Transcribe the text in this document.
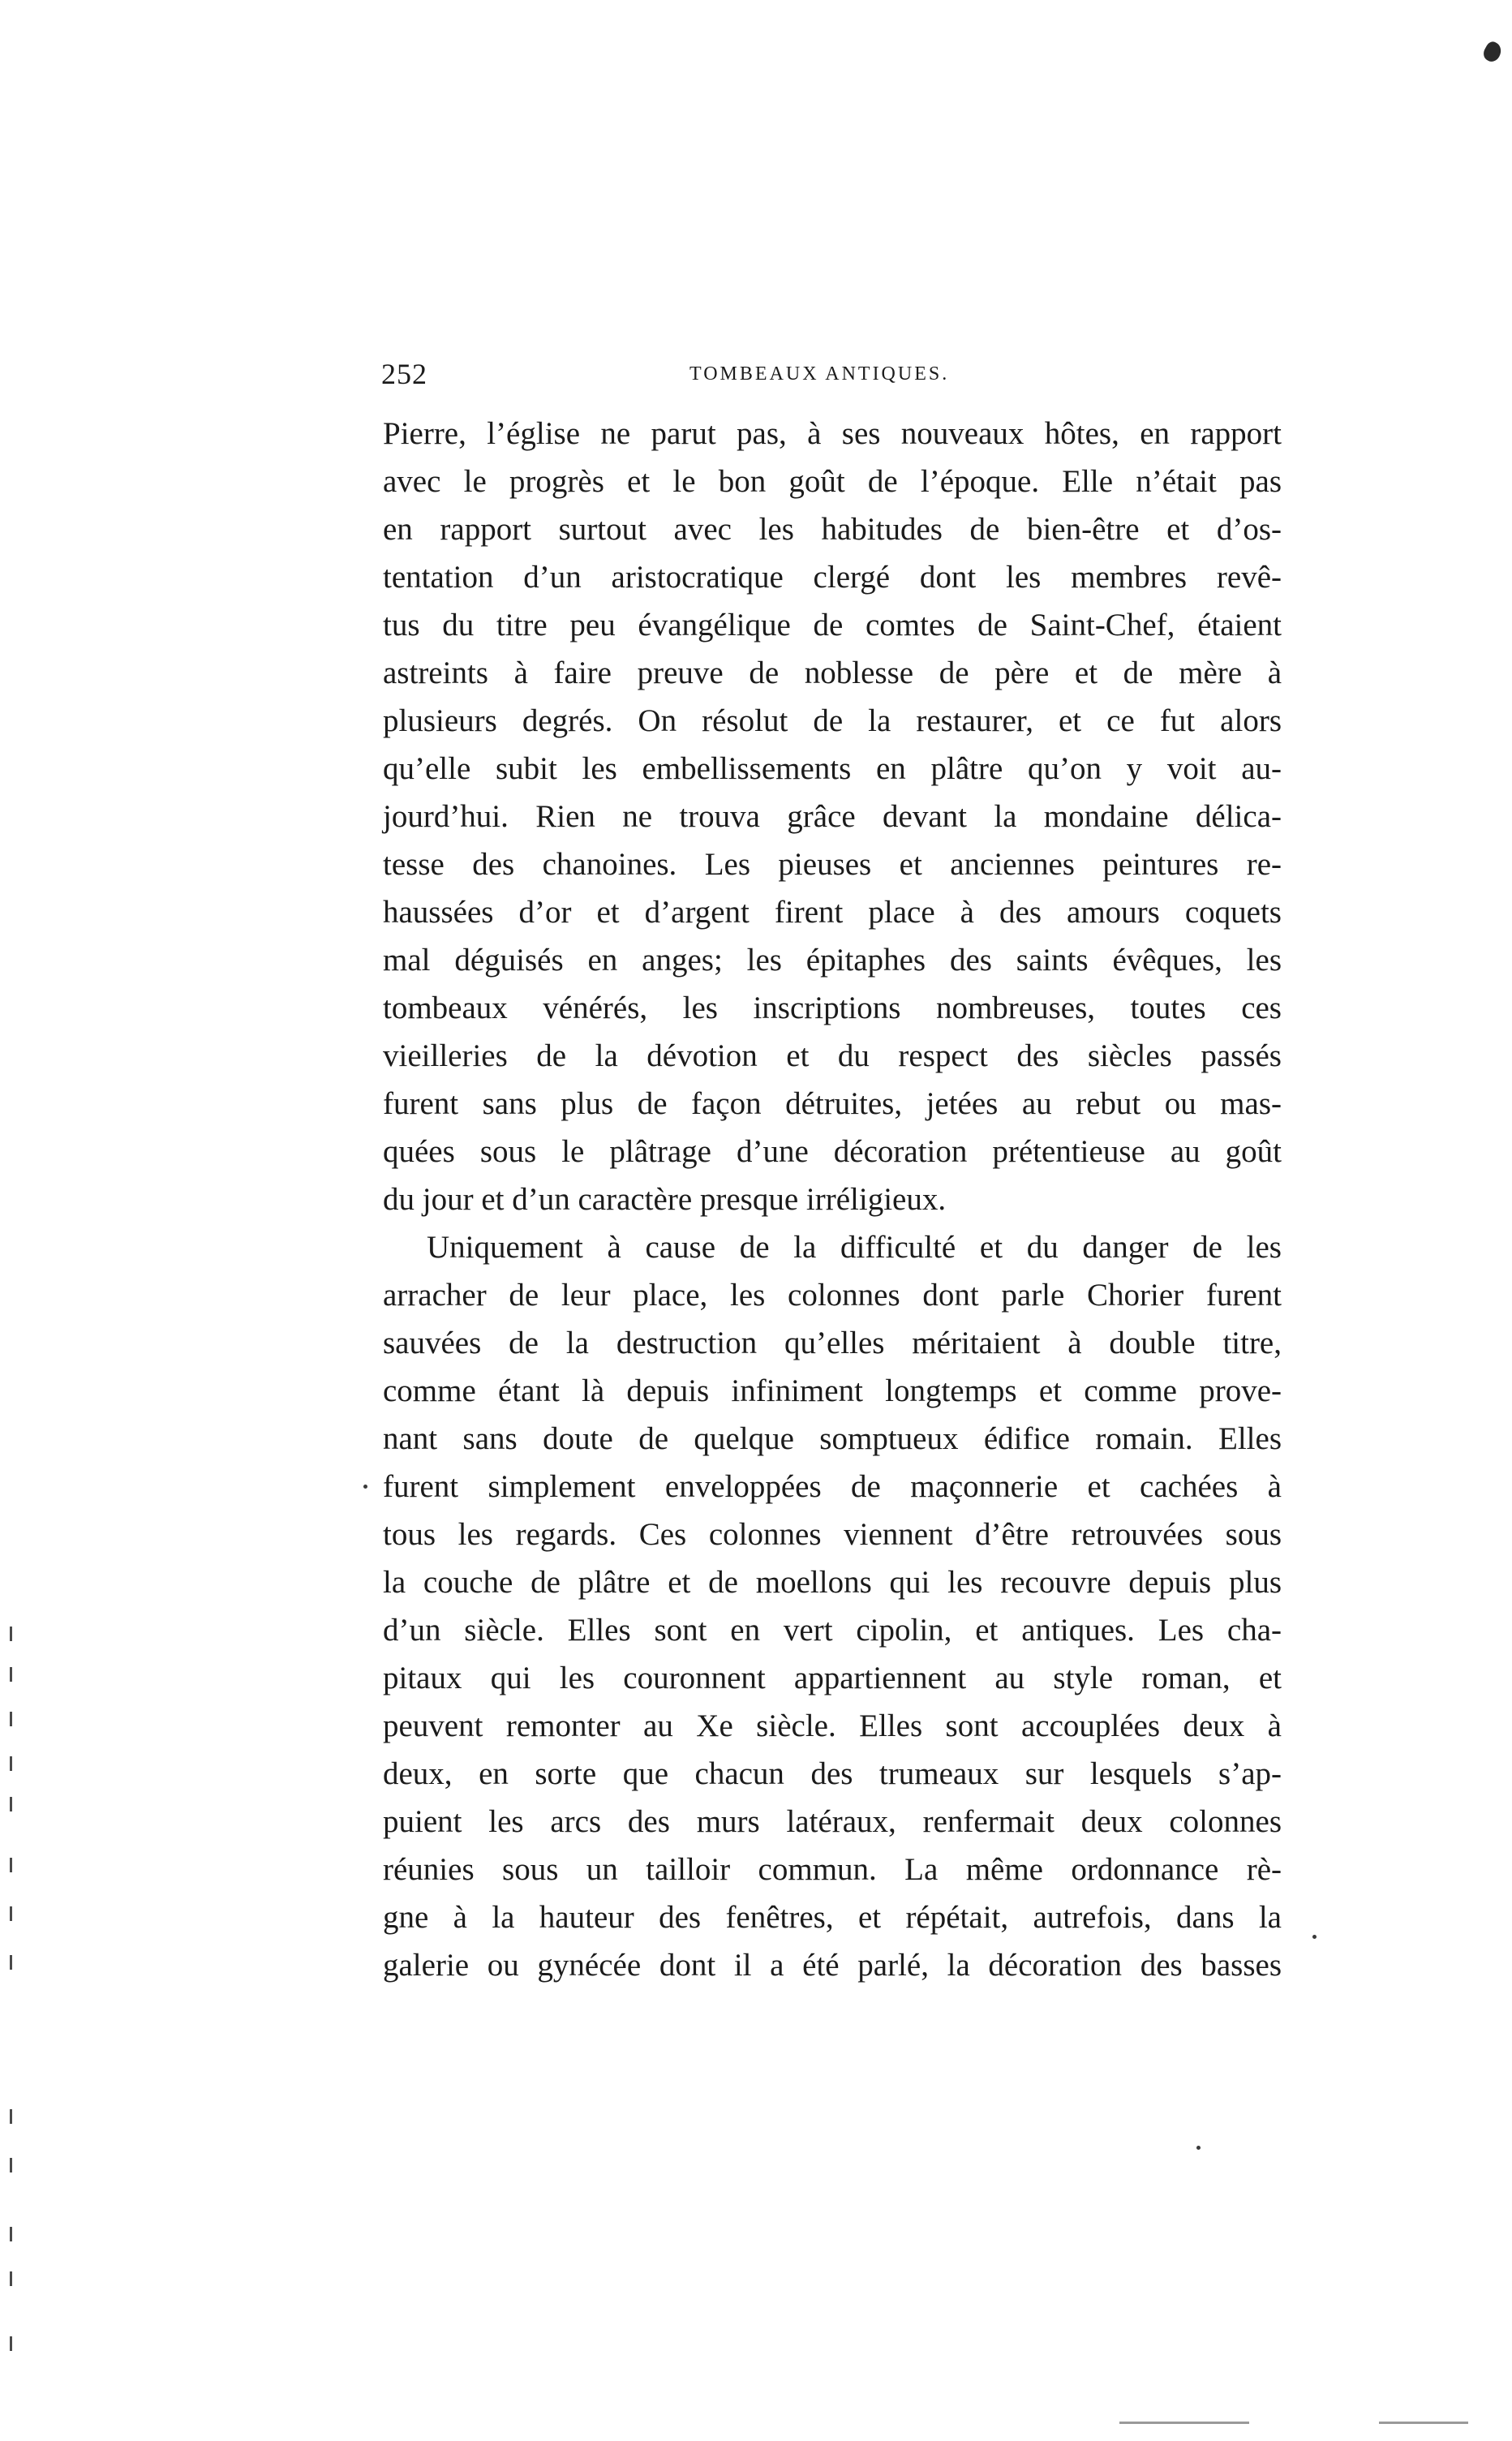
252	TOMBEAUX ANTIQUES.
Pierre, l’église ne parut pas, à ses nouveaux hôtes, en rapport
avec le progrès et le bon goût de l’époque. Elle n’était pas
en rapport surtout avec les habitudes de bien-être et d’os-
tentation d’un aristocratique clergé dont les membres revê-
tus du titre peu évangélique de comtes de Saint-Chef, étaient
astreints à faire preuve de noblesse de père et de mère à
plusieurs degrés. On résolut de la restaurer, et ce fut alors
qu’elle subit les embellissements en plâtre qu’on y voit au-
jourd’hui. Rien ne trouva grâce devant la mondaine délica-
tesse des chanoines. Les pieuses et anciennes peintures re-
haussées d’or et d’argent firent place à des amours coquets
mal déguisés en anges; les épitaphes des saints évêques, les
tombeaux vénérés, les inscriptions nombreuses, toutes ces
vieilleries de la dévotion et du respect des siècles passés
furent sans plus de façon détruites, jetées au rebut ou mas-
quées sous le plâtrage d’une décoration prétentieuse au goût
du jour et d’un caractère presque irréligieux.
Uniquement à cause de la difficulté et du danger de les
arracher de leur place, les colonnes dont parle Chorier furent
sauvées de la destruction qu’elles méritaient à double titre,
comme étant là depuis infiniment longtemps et comme prove-
nant sans doute de quelque somptueux édifice romain. Elles
furent simplement enveloppées de maçonnerie et cachées à
tous les regards. Ces colonnes viennent d’être retrouvées sous
la couche de plâtre et de moellons qui les recouvre depuis plus
d’un siècle. Elles sont en vert cipolin, et antiques. Les cha-
pitaux qui les couronnent appartiennent au style roman, et
peuvent remonter au Xe siècle. Elles sont accouplées deux à
deux, en sorte que chacun des trumeaux sur lesquels s’ap-
puient les arcs des murs latéraux, renfermait deux colonnes
réunies sous un tailloir commun. La même ordonnance rè-
gne à la hauteur des fenêtres, et répétait, autrefois, dans la
galerie ou gynécée dont il a été parlé, la décoration des basses
